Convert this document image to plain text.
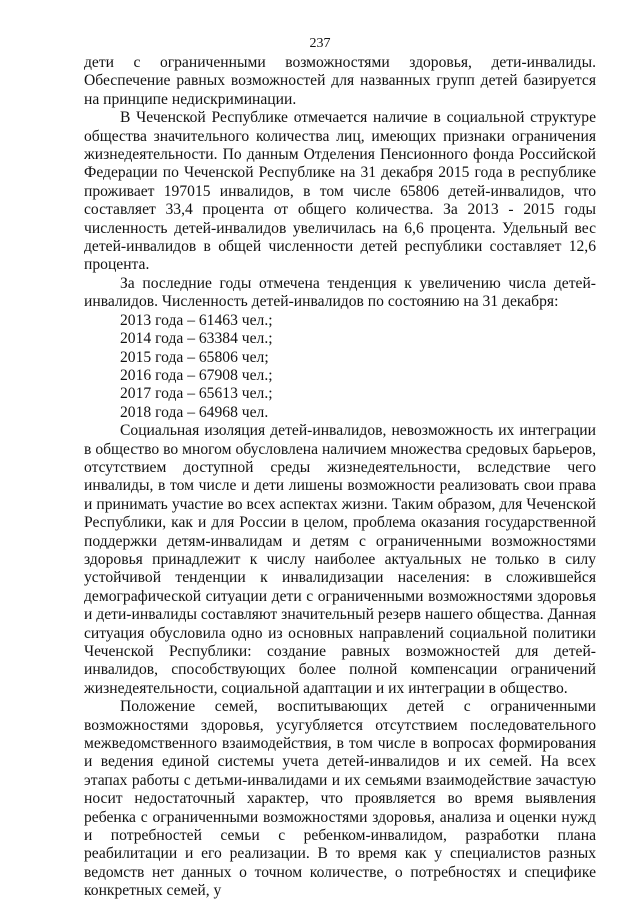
237

дети с ограниченными возможностями здоровья, дети-инвалиды. Обеспечение равных возможностей для названных групп детей базируется на принципе недискриминации.

В Чеченской Республике отмечается наличие в социальной структуре общества значительного количества лиц, имеющих признаки ограничения жизнедеятельности. По данным Отделения Пенсионного фонда Российской Федерации по Чеченской Республике на 31 декабря 2015 года в республике проживает 197015 инвалидов, в том числе 65806 детей-инвалидов, что составляет 33,4 процента от общего количества. За 2013 - 2015 годы численность детей-инвалидов увеличилась на 6,6 процента. Удельный вес детей-инвалидов в общей численности детей республики составляет 12,6 процента.

За последние годы отмечена тенденция к увеличению числа детей-инвалидов. Численность детей-инвалидов по состоянию на 31 декабря:

2013 года – 61463 чел.;
2014 года – 63384 чел.;
2015 года – 65806 чел;
2016 года – 67908 чел.;
2017 года – 65613 чел.;
2018 года – 64968 чел.

Социальная изоляция детей-инвалидов, невозможность их интеграции в общество во многом обусловлена наличием множества средовых барьеров, отсутствием доступной среды жизнедеятельности, вследствие чего инвалиды, в том числе и дети лишены возможности реализовать свои права и принимать участие во всех аспектах жизни. Таким образом, для Чеченской Республики, как и для России в целом, проблема оказания государственной поддержки детям-инвалидам и детям с ограниченными возможностями здоровья принадлежит к числу наиболее актуальных не только в силу устойчивой тенденции к инвалидизации населения: в сложившейся демографической ситуации дети с ограниченными возможностями здоровья и дети-инвалиды составляют значительный резерв нашего общества. Данная ситуация обусловила одно из основных направлений социальной политики Чеченской Республики: создание равных возможностей для детей-инвалидов, способствующих более полной компенсации ограничений жизнедеятельности, социальной адаптации и их интеграции в общество.

Положение семей, воспитывающих детей с ограниченными возможностями здоровья, усугубляется отсутствием последовательного межведомственного взаимодействия, в том числе в вопросах формирования и ведения единой системы учета детей-инвалидов и их семей. На всех этапах работы с детьми-инвалидами и их семьями взаимодействие зачастую носит недостаточный характер, что проявляется во время выявления ребенка с ограниченными возможностями здоровья, анализа и оценки нужд и потребностей семьи с ребенком-инвалидом, разработки плана реабилитации и его реализации. В то время как у специалистов разных ведомств нет данных о точном количестве, о потребностях и специфике конкретных семей, у
